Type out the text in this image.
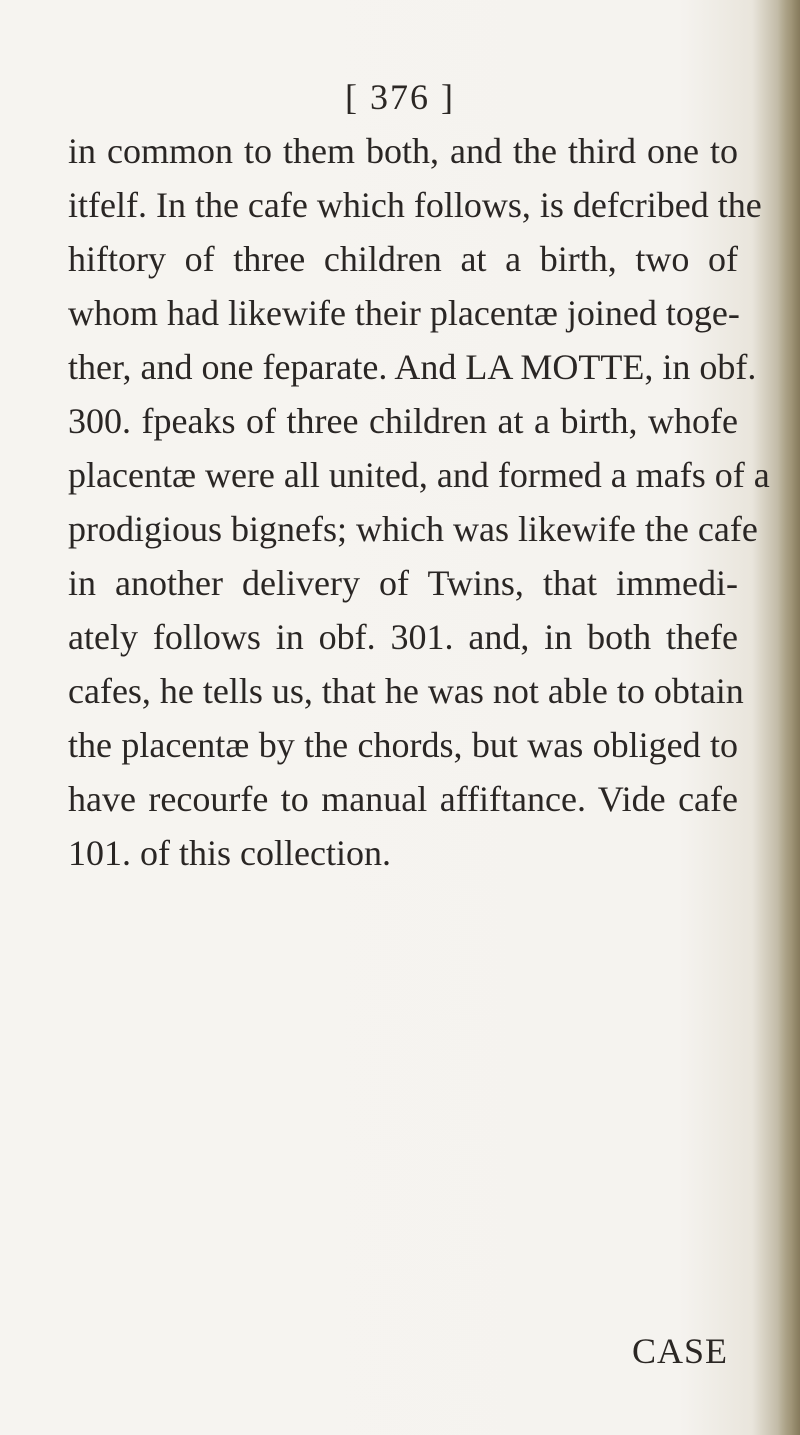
[ 376 ]
in common to them both, and the third one to
itfelf. In the cafe which follows, is defcribed the
hiftory of three children at a birth, two of
whom had likewife their placentæ joined toge-
ther, and one feparate. And LA MOTTE, in obf.
300. fpeaks of three children at a birth, whofe
placentæ were all united, and formed a mafs of a
prodigious bignefs; which was likewife the cafe
in another delivery of Twins, that immedi-
ately follows in obf. 301. and, in both thefe
cafes, he tells us, that he was not able to obtain
the placentæ by the chords, but was obliged to
have recourfe to manual affiftance. Vide cafe
101. of this collection.
CASE
